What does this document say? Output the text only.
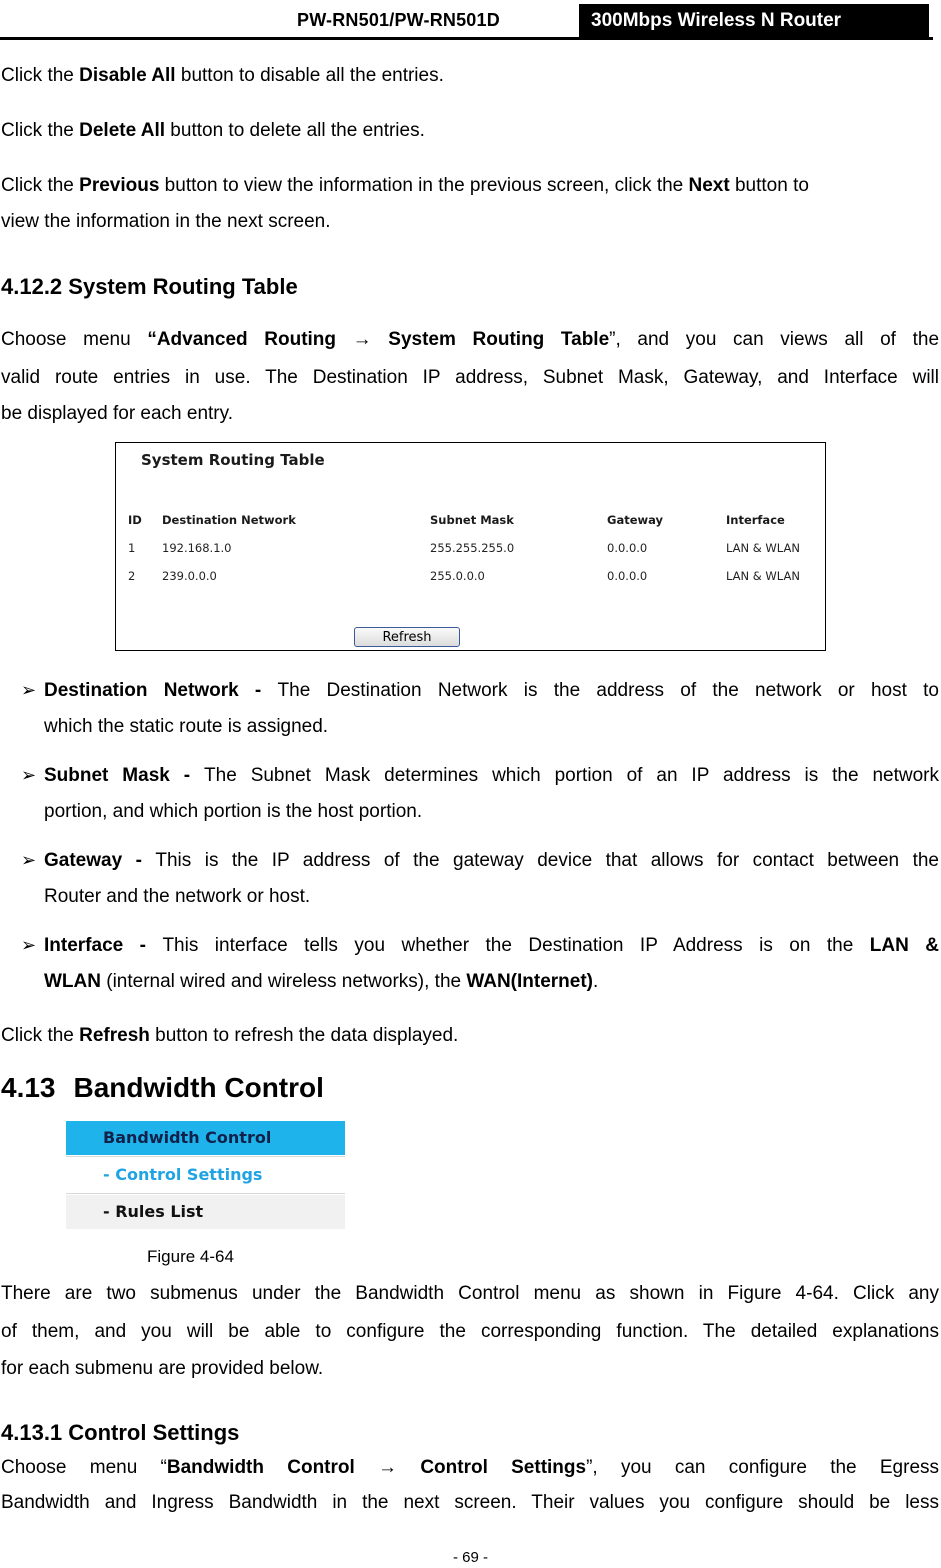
PW-RN501/PW-RN501D	300Mbps Wireless N Router
Click the Disable All button to disable all the entries.
Click the Delete All button to delete all the entries.
Click the Previous button to view the information in the previous screen, click the Next button to
view the information in the next screen.
4.12.2 System Routing Table
Choose menu “Advanced Routing → System Routing Table”, and you can views all of the
valid route entries in use. The Destination IP address, Subnet Mask, Gateway, and Interface will
be displayed for each entry.
System Routing Table
ID Destination Network	Subnet Mask	Gateway	Interface
1 192.168.1.0	255.255.255.0	0.0.0.0	LAN & WLAN
2 239.0.0.0	255.0.0.0	0.0.0.0	LAN & WLAN
Refresh
➢ Destination Network - The Destination Network is the address of the network or host to
which the static route is assigned.
➢ Subnet Mask - The Subnet Mask determines which portion of an IP address is the network
portion, and which portion is the host portion.
➢ Gateway - This is the IP address of the gateway device that allows for contact between the
Router and the network or host.
➢ Interface - This interface tells you whether the Destination IP Address is on the LAN &
WLAN (internal wired and wireless networks), the WAN(Internet).
Click the Refresh button to refresh the data displayed.
4.13 Bandwidth Control
Bandwidth Control
- Control Settings
- Rules List
Figure 4-64
There are two submenus under the Bandwidth Control menu as shown in Figure 4-64. Click any
of them, and you will be able to configure the corresponding function. The detailed explanations
for each submenu are provided below.
4.13.1 Control Settings
Choose menu “Bandwidth Control → Control Settings”, you can configure the Egress
Bandwidth and Ingress Bandwidth in the next screen. Their values you configure should be less
- 69 -
